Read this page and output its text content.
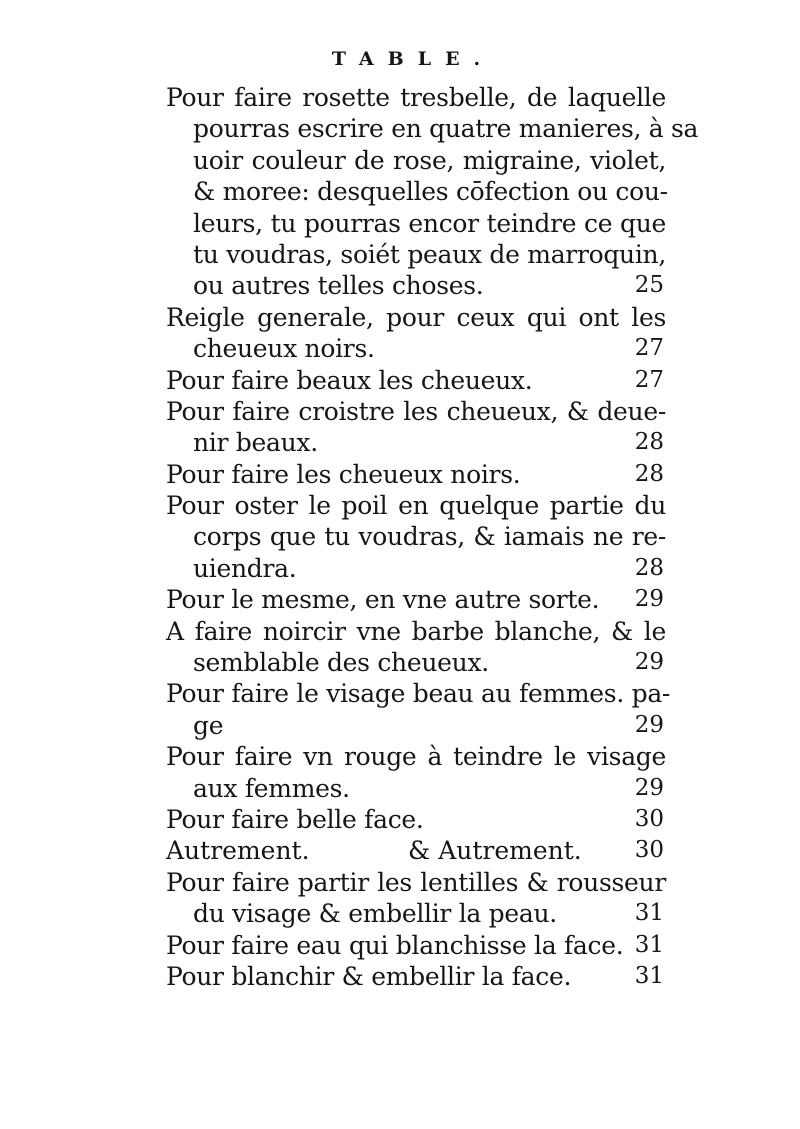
TABLE.
Pour faire rosette tresbelle, de laquelle
pourras escrire en quatre manieres, à sa
uoir couleur de rose, migraine, violet,
& moree: desquelles cōfection ou cou-
leurs, tu pourras encor teindre ce que
tu voudras, soiét peaux de marroquin,
ou autres telles choses.	25
Reigle generale, pour ceux qui ont les
cheueux noirs.	27
Pour faire beaux les cheueux.	27
Pour faire croistre les cheueux, & deue-
nir beaux.	28
Pour faire les cheueux noirs.	28
Pour oster le poil en quelque partie du
corps que tu voudras, & iamais ne re-
uiendra.	28
Pour le mesme, en vne autre sorte.	29
A faire noircir vne barbe blanche, & le
semblable des cheueux.	29
Pour faire le visage beau au femmes. pa-
ge	29
Pour faire vn rouge à teindre le visage
aux femmes.	29
Pour faire belle face.	30
Autrement.	& Autrement. 30
Pour faire partir les lentilles & rousseur
du visage & embellir la peau.	31
Pour faire eau qui blanchisse la face. 31
Pour blanchir & embellir la face.	31
